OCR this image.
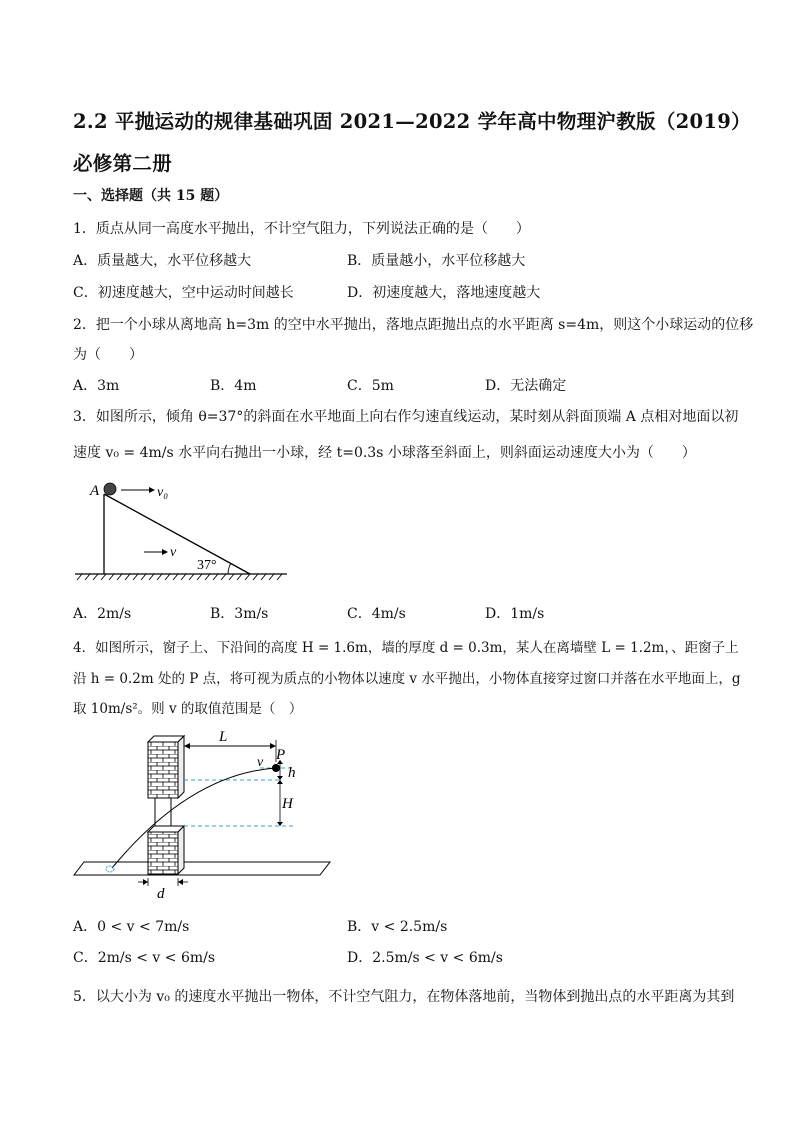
2.2 平抛运动的规律基础巩固 2021—2022 学年高中物理沪教版（2019）
必修第二册
一、选择题（共 15 题）
1．质点从同一高度水平抛出，不计空气阻力，下列说法正确的是（　　）
A．质量越大，水平位移越大	B．质量越小，水平位移越大
C．初速度越大，空中运动时间越长	D．初速度越大，落地速度越大
2．把一个小球从离地高 h=3m 的空中水平抛出，落地点距抛出点的水平距离 s=4m，则这个小球运动的位移
为（　　）
A．3m	B．4m	C．5m	D．无法确定
3．如图所示，倾角 θ=37°的斜面在水平地面上向右作匀速直线运动，某时刻从斜面顶端 A 点相对地面以初
速度 v₀ = 4m/s 水平向右抛出一小球，经 t=0.3s 小球落至斜面上，则斜面运动速度大小为（　　）
A	v₀
v
37°
A．2m/s	B．3m/s	C．4m/s	D．1m/s
4．如图所示，窗子上、下沿间的高度 H = 1.6m，墙的厚度 d = 0.3m，某人在离墙壁 L = 1.2m，、距窗子上
沿 h = 0.2m 处的 P 点，将可视为质点的小物体以速度 v 水平抛出，小物体直接穿过窗口并落在水平地面上，g
取 10m/s²。则 v 的取值范围是（　）
L
P
v
h
H
d
A．0 < v < 7m/s	B．v < 2.5m/s
C．2m/s < v < 6m/s	D．2.5m/s < v < 6m/s
5．以大小为 v₀ 的速度水平抛出一物体，不计空气阻力，在物体落地前，当物体到抛出点的水平距离为其到
